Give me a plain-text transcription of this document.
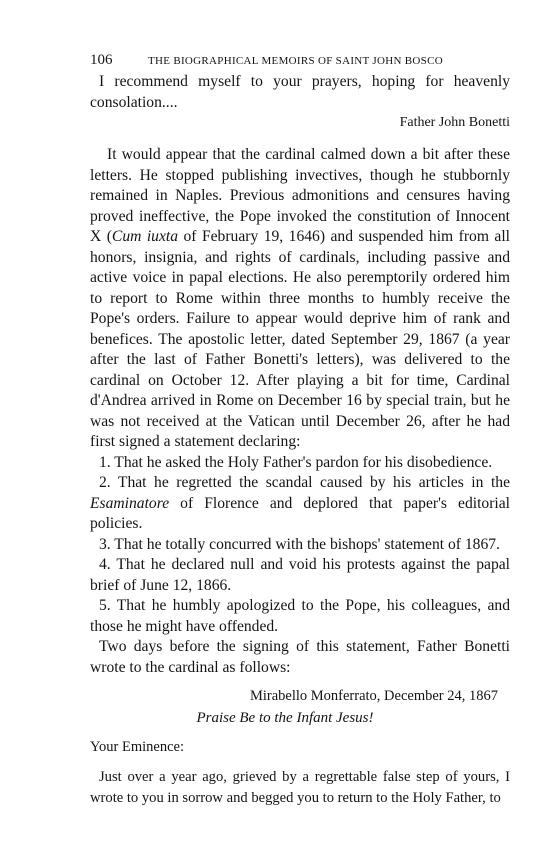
106	THE BIOGRAPHICAL MEMOIRS OF SAINT JOHN BOSCO

I recommend myself to your prayers, hoping for heavenly consolation....

Father John Bonetti

It would appear that the cardinal calmed down a bit after these letters. He stopped publishing invectives, though he stubbornly remained in Naples. Previous admonitions and censures having proved ineffective, the Pope invoked the constitution of Innocent X (Cum iuxta of February 19, 1646) and suspended him from all honors, insignia, and rights of cardinals, including passive and active voice in papal elections. He also peremptorily ordered him to report to Rome within three months to humbly receive the Pope's orders. Failure to appear would deprive him of rank and benefices. The apostolic letter, dated September 29, 1867 (a year after the last of Father Bonetti's letters), was delivered to the cardinal on October 12. After playing a bit for time, Cardinal d'Andrea arrived in Rome on December 16 by special train, but he was not received at the Vatican until December 26, after he had first signed a statement declaring:

1. That he asked the Holy Father's pardon for his disobedience.

2. That he regretted the scandal caused by his articles in the Esaminatore of Florence and deplored that paper's editorial policies.

3. That he totally concurred with the bishops' statement of 1867.

4. That he declared null and void his protests against the papal brief of June 12, 1866.

5. That he humbly apologized to the Pope, his colleagues, and those he might have offended.

Two days before the signing of this statement, Father Bonetti wrote to the cardinal as follows:

Mirabello Monferrato, December 24, 1867

Praise Be to the Infant Jesus!

Your Eminence:

Just over a year ago, grieved by a regrettable false step of yours, I wrote to you in sorrow and begged you to return to the Holy Father, to
